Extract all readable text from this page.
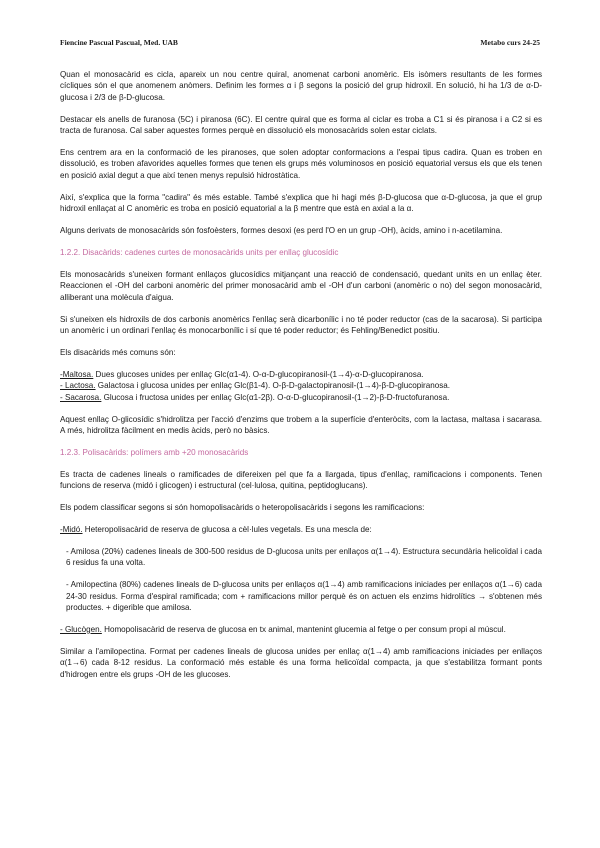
Fiencine Pascual Pascual, Med. UAB	Metabo curs 24-25

Quan el monosacàrid es cicla, apareix un nou centre quiral, anomenat carboni anomèric. Els isòmers resultants de les formes cícliques són el que anomenem anòmers. Definim les formes α i β segons la posició del grup hidroxil. En solució, hi ha 1/3 de α-D-glucosa i 2/3 de β-D-glucosa.

Destacar els anells de furanosa (5C) i piranosa (6C). El centre quiral que es forma al ciclar es troba a C1 si és piranosa i a C2 si es tracta de furanosa. Cal saber aquestes formes perquè en dissolució els monosacàrids solen estar ciclats.

Ens centrem ara en la conformació de les piranoses, que solen adoptar conformacions a l'espai tipus cadira. Quan es troben en dissolució, es troben afavorides aquelles formes que tenen els grups més voluminosos en posició equatorial versus els que els tenen en posició axial degut a que així tenen menys repulsió hidrostàtica.

Així, s'explica que la forma "cadira" és més estable. També s'explica que hi hagi més β-D-glucosa que α-D-glucosa, ja que el grup hidroxil enllaçat al C anomèric es troba en posició equatorial a la β mentre que està en axial a la α.

Alguns derivats de monosacàrids són fosfoèsters, formes desoxi (es perd l'O en un grup -OH), àcids, amino i n-acetilamina.

1.2.2. Disacàrids: cadenes curtes de monosacàrids units per enllaç glucosídic

Els monosacàrids s'uneixen formant enllaços glucosídics mitjançant una reacció de condensació, quedant units en un enllaç èter. Reaccionen el -OH del carboni anomèric del primer monosacàrid amb el -OH d'un carboni (anomèric o no) del segon monosacàrid, alliberant una molècula d'aigua.

Si s'uneixen els hidroxils de dos carbonis anomèrics l'enllaç serà dicarbonílic i no té poder reductor (cas de la sacarosa). Si participa un anomèric i un ordinari l'enllaç és monocarbonílic i sí que té poder reductor; és Fehling/Benedict positiu.

Els disacàrids més comuns són:

-Maltosa. Dues glucoses unides per enllaç Glc(α1-4). O-α-D-glucopiranosil-(1→4)-α-D-glucopiranosa.

- Lactosa. Galactosa i glucosa unides per enllaç Glc(β1-4). O-β-D-galactopiranosil-(1→4)-β-D-glucopiranosa.

- Sacarosa. Glucosa i fructosa unides per enllaç Glc(α1-2β). O-α-D-glucopiranosil-(1→2)-β-D-fructofuranosa.

Aquest enllaç O-glicosídic s'hidrolitza per l'acció d'enzims que trobem a la superfície d'enteròcits, com la lactasa, maltasa i sacarasa. A més, hidrolitza fàcilment en medis àcids, però no bàsics.

1.2.3. Polisacàrids: polímers amb +20 monosacàrids

Es tracta de cadenes lineals o ramificades de difereixen pel que fa a llargada, tipus d'enllaç, ramificacions i components. Tenen funcions de reserva (midó i glicogen) i estructural (cel·lulosa, quitina, peptidoglucans).

Els podem classificar segons si són homopolisacàrids o heteropolisacàrids i segons les ramificacions:

-Midó. Heteropolisacàrid de reserva de glucosa a cèl·lules vegetals. Es una mescla de:

- Amilosa (20%) cadenes lineals de 300-500 residus de D-glucosa units per enllaços α(1→4). Estructura secundària helicoïdal i cada 6 residus fa una volta.

- Amilopectina (80%) cadenes lineals de D-glucosa units per enllaços α(1→4) amb ramificacions iniciades per enllaços α(1→6) cada 24-30 residus. Forma d'espiral ramificada; com + ramificacions millor perquè és on actuen els enzims hidrolítics → s'obtenen més productes. + digerible que amilosa.

- Glucògen. Homopolisacàrid de reserva de glucosa en tx animal, mantenint glucemia al fetge o per consum propi al múscul.

Similar a l'amilopectina. Format per cadenes lineals de glucosa unides per enllaç α(1→4) amb ramificacions iniciades per enllaços α(1→6) cada 8-12 residus. La conformació més estable és una forma helicoïdal compacta, ja que s'estabilitza formant ponts d'hidrogen entre els grups -OH de les glucoses.
